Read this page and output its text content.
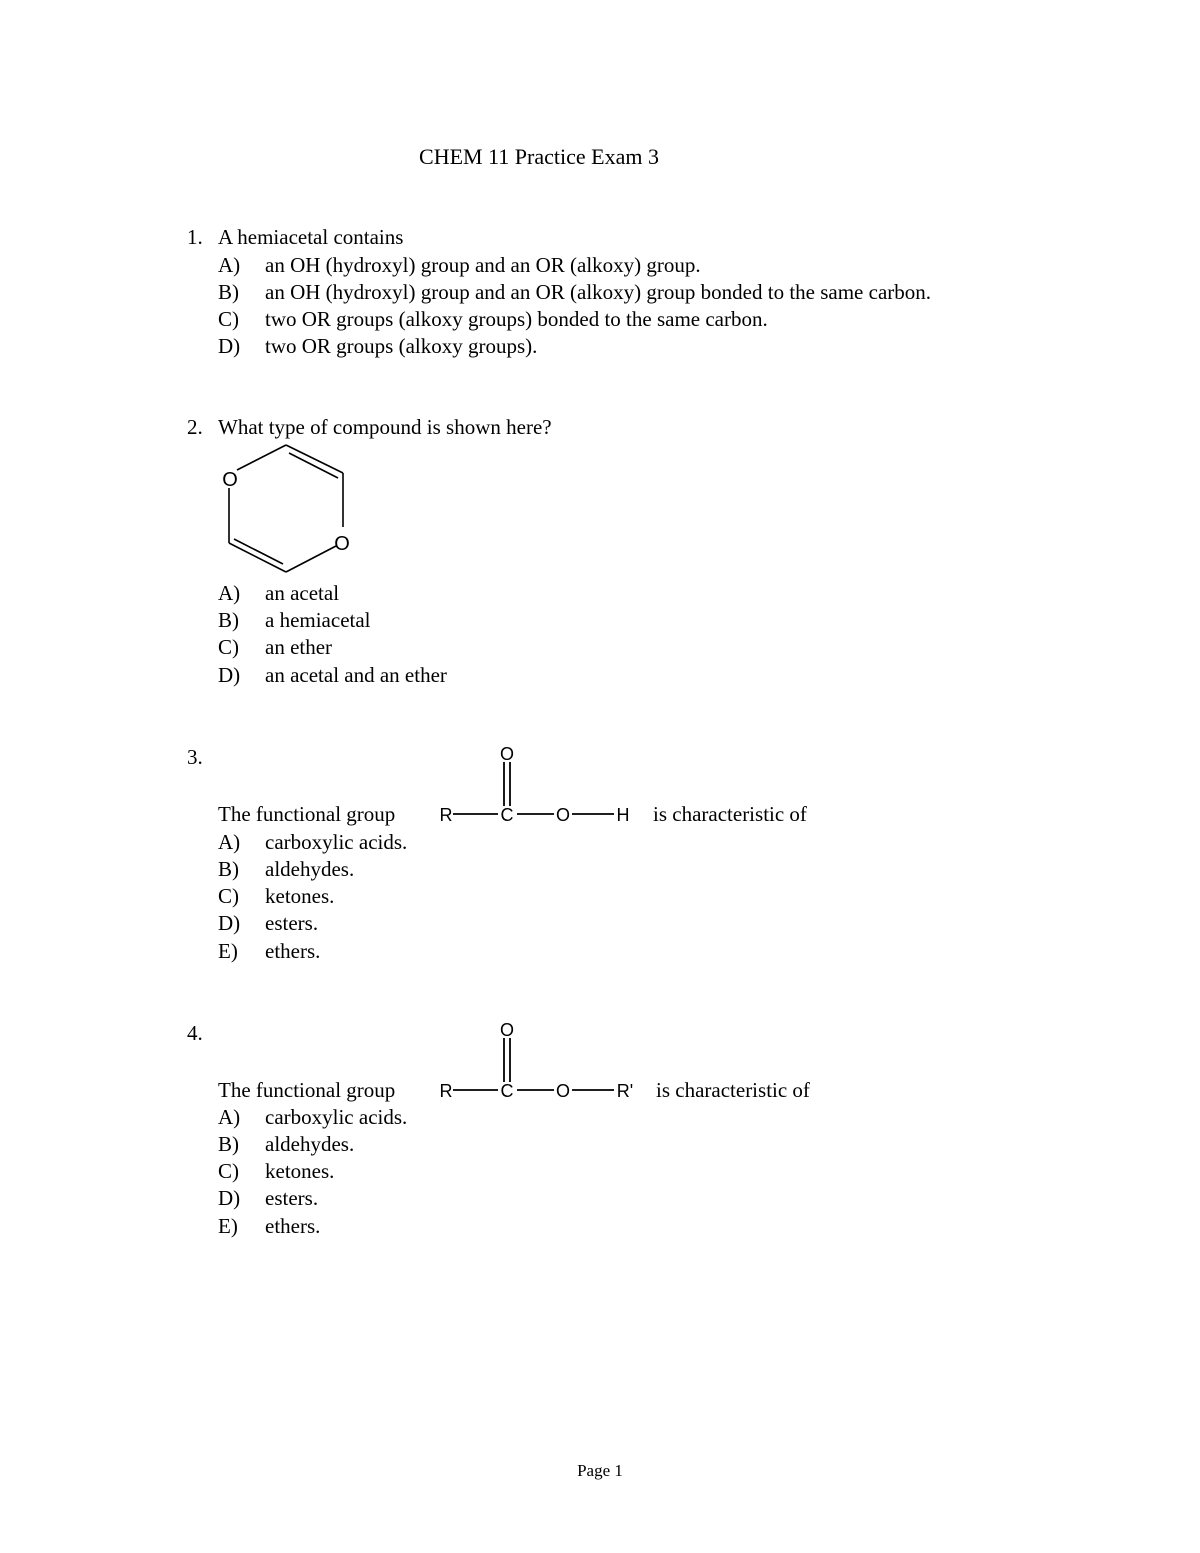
CHEM 11 Practice Exam 3
1. A hemiacetal contains
A) an OH (hydroxyl) group and an OR (alkoxy) group.
B) an OH (hydroxyl) group and an OR (alkoxy) group bonded to the same carbon.
C) two OR groups (alkoxy groups) bonded to the same carbon.
D) two OR groups (alkoxy groups).
2. What type of compound is shown here?
O
O
A) an acetal
B) a hemiacetal
C) an ether
D) an acetal and an ether
3.
The functional group
O
R	C O	H is characteristic of
A) carboxylic acids.
B) aldehydes.
C) ketones.
D) esters.
E) ethers.
4.
The functional group
O
R	C O	R' is characteristic of
A) carboxylic acids.
B) aldehydes.
C) ketones.
D) esters.
E) ethers.
Page 1
